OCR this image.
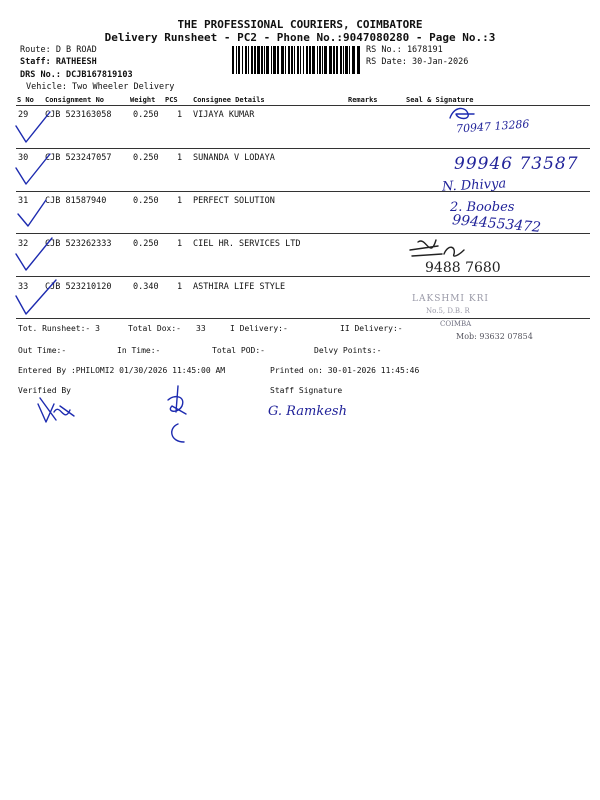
THE PROFESSIONAL COURIERS, COIMBATORE
Delivery Runsheet - PC2 - Phone No.:9047080280 - Page No.:3
Route: D B ROAD
Staff: RATHEESH
DRS No.: DCJB167819103
Vehicle: Two Wheeler Delivery
RS No.: 1678191
RS Date: 30-Jan-2026
S No Consignment No	Weight PCS Consignee Details	Remarks	Seal & Signature
29 CJB 523163058	0.250 1 VIJAYA KUMAR
30 CJB 523247057	0.250 1 SUNANDA V LODAYA
31 CJB 81587940	0.250 1 PERFECT SOLUTION
32 CJB 523262333	0.250 1 CIEL HR. SERVICES LTD
33 CJB 523210120	0.340 1 ASTHIRA LIFE STYLE
Tot. Runsheet:- 3	Total Dox:- 33	I Delivery:-	II Delivery:-
Out Time:-	In Time:-	Total POD:-	Delvy Points:-
Entered By :PHILOMI2 01/30/2026 11:45:00 AM	Printed on: 30-01-2026 11:45:46
Verified By	Staff Signature
LAKSHMI KRI
No.5, D.B. R
COIMBA
Mob: 93632 07854
70947 13286
99946 73587
N. Dhivya
2. Boobes
9944553472
9488 7680
G. Ramkesh
